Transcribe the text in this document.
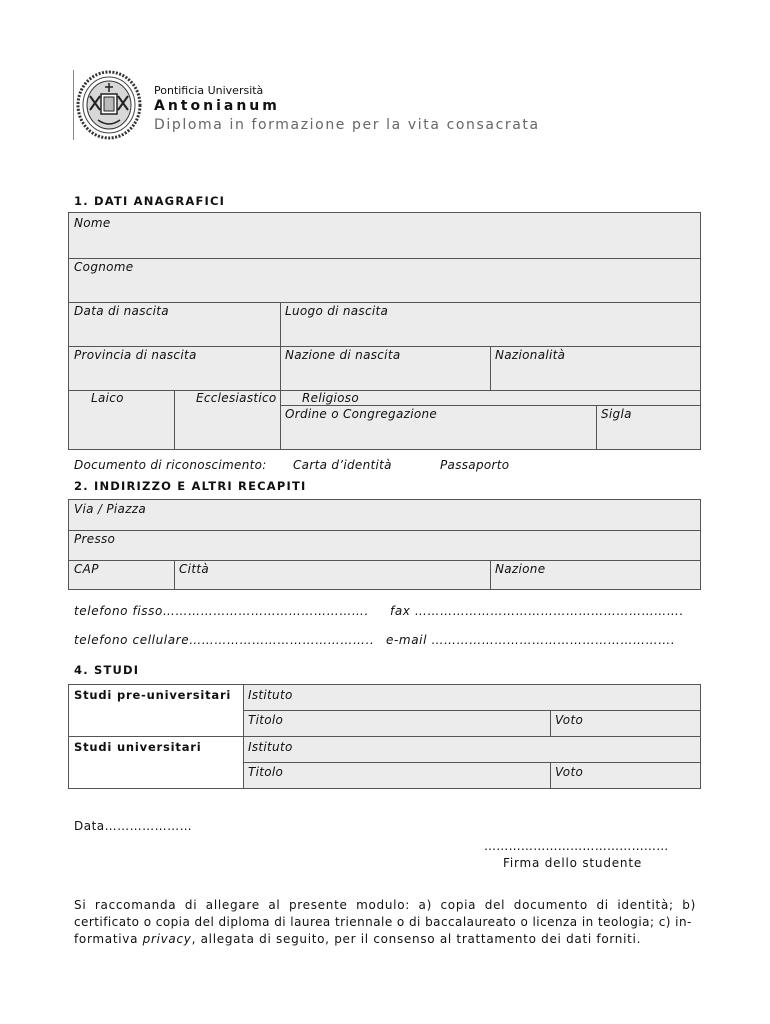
Pontificia Università
Antonianum
Diploma in formazione per la vita consacrata
1. DATI ANAGRAFICI
Nome
Cognome
Data di nascita	Luogo di nascita
Provincia di nascita	Nazione di nascita	Nazionalità
Laico	Ecclesiastico Religioso
Ordine o Congregazione	Sigla
Documento di riconoscimento: Carta d’identità	Passaporto
2. INDIRIZZO E ALTRI RECAPITI
Via / Piazza
Presso
CAP	Città	Nazione
telefono fisso…………………………………………. fax ……………………………………………………….
telefono cellulare…………………………………….. e-mail ………………………………………………….
4. STUDI
Studi pre-universitari Istituto
Titolo	Voto
Studi universitari	Istituto
Titolo	Voto
Data…………………
………………………………………
Firma dello studente
Si raccomanda di allegare al presente modulo: a) copia del documento di identità; b)
certificato o copia del diploma di laurea triennale o di baccalaureato o licenza in teologia; c) in-
formativa privacy, allegata di seguito, per il consenso al trattamento dei dati forniti.
